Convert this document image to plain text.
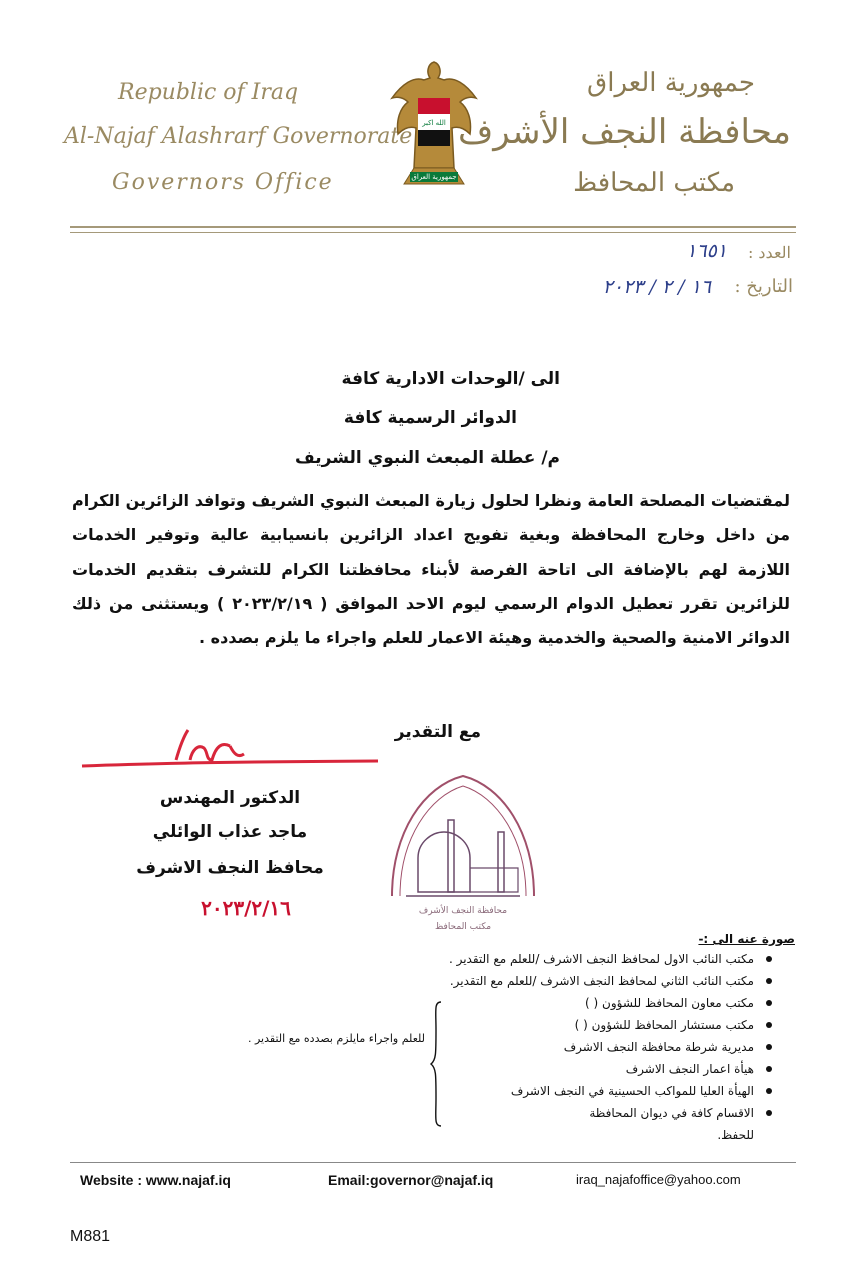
Republic of Iraq
Al-Najaf Alashrarf Governorate
Governors Office
الله اكبر
جمهورية العراق
جمهورية العراق
محافظة النجف الأشرف
مكتب المحافظ
العدد :
١٦٥١
التاريخ :
١٦ / ٢ / ٢٠٢٣
الى /الوحدات الادارية كافة
الدوائر الرسمية كافة
م/ عطلة المبعث النبوي الشريف

لمقتضيات المصلحة العامة ونظرا لحلول زيارة المبعث النبوي الشريف وتوافد الزائرين الكرام من داخل وخارج المحافظة وبغية تفويج اعداد الزائرين بانسيابية عالية وتوفير الخدمات اللازمة لهم بالإضافة الى اتاحة الفرصة لأبناء محافظتنا الكرام للتشرف بتقديم الخدمات للزائرين تقرر تعطيل الدوام الرسمي ليوم الاحد الموافق ( ٢٠٢٣/٢/١٩ ) ويستثنى من ذلك الدوائر الامنية والصحية والخدمية وهيئة الاعمار للعلم واجراء ما يلزم بصدده .

مع التقدير
الدكتور المهندس
ماجد عذاب الوائلي
محافظ النجف الاشرف
٢٠٢٣/٢/١٦	محافظة النجف الأشرف
مكتب المحافظ
صورة عنه الى :-
مكتب النائب الاول لمحافظ النجف الاشرف /للعلم مع التقدير .
مكتب النائب الثاني لمحافظ النجف الاشرف /للعلم مع التقدير.
مكتب معاون المحافظ للشؤون ( )
مكتب مستشار المحافظ للشؤون ( )
مديرية شرطة محافظة النجف الاشرف
هيأة اعمار النجف الاشرف
الهيأة العليا للمواكب الحسينية في النجف الاشرف
الاقسام كافة في ديوان المحافظة
للحفظ.
للعلم واجراء مايلزم بصدده مع التقدير .
Website : www.najaf.iq	Email:governor@najaf.iq	iraq_najafoffice@yahoo.com
M881
